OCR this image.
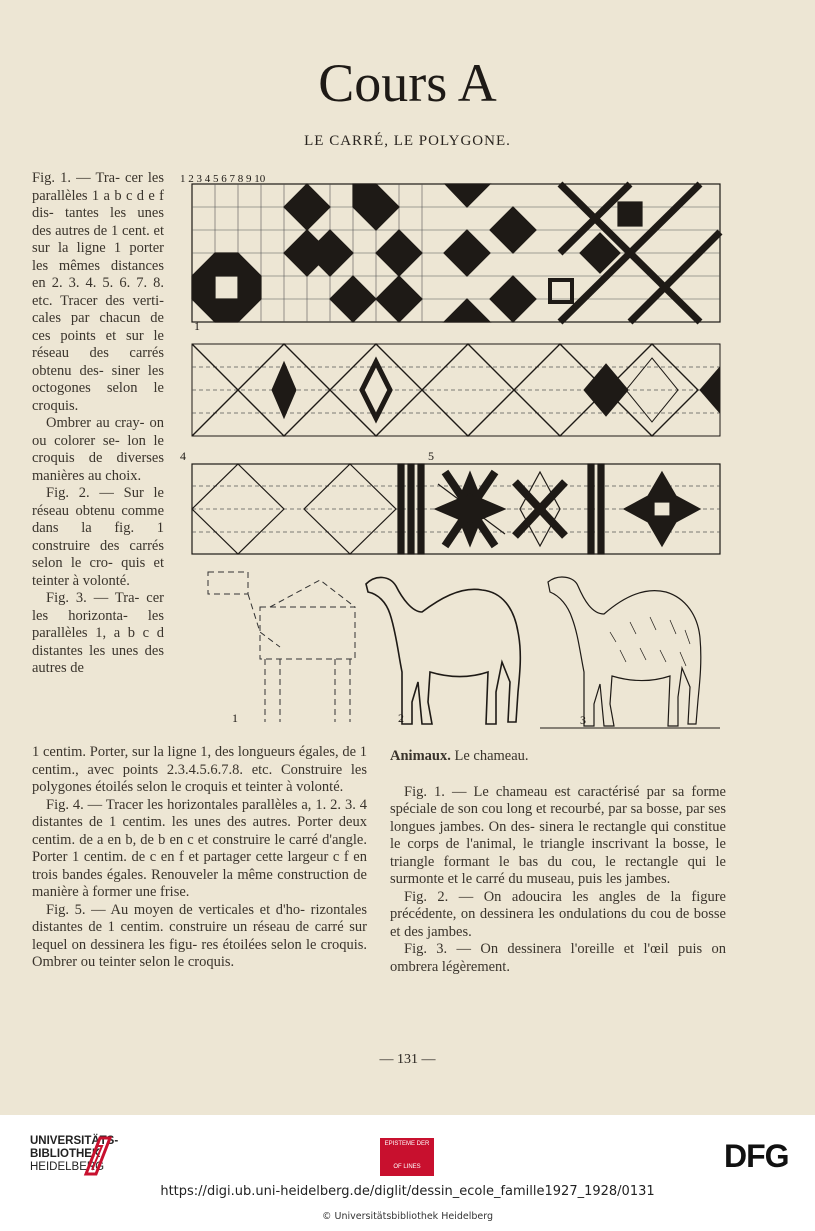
Cours A
LE CARRÉ, LE POLYGONE.

Fig. 1. — Tra- cer les parallèles 1 a b c d e f dis- tantes les unes des autres de 1 cent. et sur la ligne 1 porter les mêmes distances en 2. 3. 4. 5. 6. 7. 8. etc. Tracer des verti- cales par chacun de ces points et sur le réseau des carrés obtenu des- siner les octogones selon le croquis.

Ombrer au cray- on ou colorer se- lon le croquis de diverses manières au choix.

Fig. 2. — Sur le réseau obtenu comme dans la fig. 1 construire des carrés selon le cro- quis et teinter à volonté.

Fig. 3. — Tra- cer les horizonta- les parallèles 1, a b c d distantes les unes des autres de

1 centim. Porter, sur la ligne 1, des longueurs égales, de 1 centim., avec points 2.3.4.5.6.7.8. etc. Construire les polygones étoilés selon le croquis et teinter à volonté.

Fig. 4. — Tracer les horizontales parallèles a, 1. 2. 3. 4 distantes de 1 centim. les unes des autres. Porter deux centim. de a en b, de b en c et construire le carré d'angle. Porter 1 centim. de c en f et partager cette largeur c f en trois bandes égales. Renouveler la même construction de manière à former une frise.

Fig. 5. — Au moyen de verticales et d'ho- rizontales distantes de 1 centim. construire un réseau de carré sur lequel on dessinera les figu- res étoilées selon le croquis. Ombrer ou teinter selon le croquis.

Animaux. Le chameau.

Fig. 1. — Le chameau est caractérisé par sa forme spéciale de son cou long et recourbé, par sa bosse, par ses longues jambes. On des- sinera le rectangle qui constitue le corps de l'animal, le triangle inscrivant la bosse, le triangle formant le bas du cou, le rectangle qui le surmonte et le carré du museau, puis les jambes.

Fig. 2. — On adoucira les angles de la figure précédente, on dessinera les ondulations du cou de bosse et des jambes.

Fig. 3. — On dessinera l'oreille et l'œil puis on ombrera légèrement.

1 2 3 4 5 6 7 8 9 10
1
4	5
1	2	3
— 131 —
UNIVERSITÄTS-
BIBLIOTHEK
HEIDELBERG
EPISTEME DER
OF LINES	DFG
https://digi.ub.uni-heidelberg.de/diglit/dessin_ecole_famille1927_1928/0131
© Universitätsbibliothek Heidelberg
